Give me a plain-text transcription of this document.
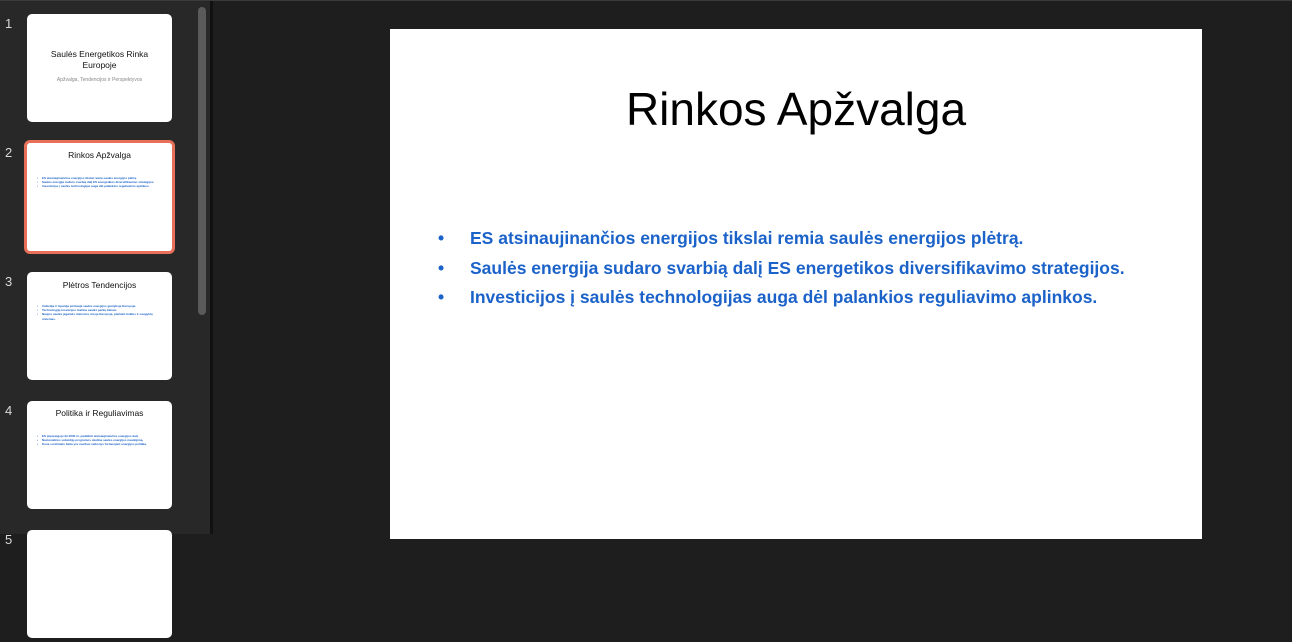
1
Saulės Energetikos Rinka Europoje
Apžvalga, Tendencijos ir Perspektyvos
2	Rinkos Apžvalga
• ES atsinaujinančios energijos tikslai remia saulės energijos plėtrą.
• Saulės energija sudaro svarbią dalį ES energetikos diversifikavimo strategijos.
• Investicijos į saulės technologijas auga dėl palankios reguliavimo aplinkos.
3	Plėtros Tendencijos
• Vokietija ir Ispanija pirmauja saulės energijos gamyboje Europoje.
• Technologijų inovacijos mažina saulės parkų kainas.
• Naujos saulės jėgainės statomos visoje Europoje, plečiant tinklus ir saugyklų sistemas.
4	Politika ir Reguliavimas
• ES įsipareigojo iki 2030 m. padidinti atsinaujinančios energijos dalį.
• Nacionalinės subsidijų programos skatina saulės energijos naudojimą.
• Kova su klimato kaita yra svarbus veiksnys formuojant energijos politiką.
5
Rinkos Apžvalga
• ES atsinaujinančios energijos tikslai remia saulės energijos plėtrą.
• Saulės energija sudaro svarbią dalį ES energetikos diversifikavimo strategijos.
• Investicijos į saulės technologijas auga dėl palankios reguliavimo aplinkos.
